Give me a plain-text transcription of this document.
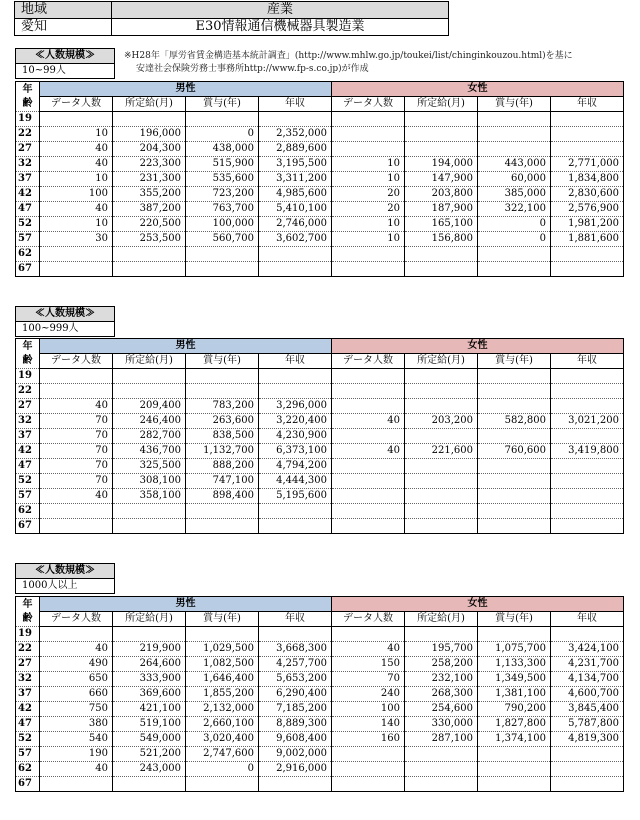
地域	産業
愛知	E30情報通信機械器具製造業
※H28年「厚労省賃金構造基本統計調査」(http://www.mhlw.go.jp/toukei/list/chinginkouzou.html)を基に
安達社会保険労務士事務所http://www.fp-s.co.jp)が作成
≪人数規模≫
10~99人
年齢	男性				女性			
	データ人数	所定給(月)	賞与(年)	年収	データ人数	所定給(月)	賞与(年)	年収
19								
22	10	196,000	0	2,352,000				
27	40	204,300	438,000	2,889,600				
32	40	223,300	515,900	3,195,500	10	194,000	443,000	2,771,000
37	10	231,300	535,600	3,311,200	10	147,900	60,000	1,834,800
42	100	355,200	723,200	4,985,600	20	203,800	385,000	2,830,600
47	40	387,200	763,700	5,410,100	20	187,900	322,100	2,576,900
52	10	220,500	100,000	2,746,000	10	165,100	0	1,981,200
57	30	253,500	560,700	3,602,700	10	156,800	0	1,881,600
62								
67								
≪人数規模≫
100~999人
年齢	男性				女性			
	データ人数	所定給(月)	賞与(年)	年収	データ人数	所定給(月)	賞与(年)	年収
19								
22								
27	40	209,400	783,200	3,296,000				
32	70	246,400	263,600	3,220,400	40	203,200	582,800	3,021,200
37	70	282,700	838,500	4,230,900				
42	70	436,700	1,132,700	6,373,100	40	221,600	760,600	3,419,800
47	70	325,500	888,200	4,794,200				
52	70	308,100	747,100	4,444,300				
57	40	358,100	898,400	5,195,600				
62								
67								
≪人数規模≫
1000人以上
年齢	男性				女性			
	データ人数	所定給(月)	賞与(年)	年収	データ人数	所定給(月)	賞与(年)	年収
19								
22	40	219,900	1,029,500	3,668,300	40	195,700	1,075,700	3,424,100
27	490	264,600	1,082,500	4,257,700	150	258,200	1,133,300	4,231,700
32	650	333,900	1,646,400	5,653,200	70	232,100	1,349,500	4,134,700
37	660	369,600	1,855,200	6,290,400	240	268,300	1,381,100	4,600,700
42	750	421,100	2,132,000	7,185,200	100	254,600	790,200	3,845,400
47	380	519,100	2,660,100	8,889,300	140	330,000	1,827,800	5,787,800
52	540	549,000	3,020,400	9,608,400	160	287,100	1,374,100	4,819,300
57	190	521,200	2,747,600	9,002,000				
62	40	243,000	0	2,916,000				
67								
